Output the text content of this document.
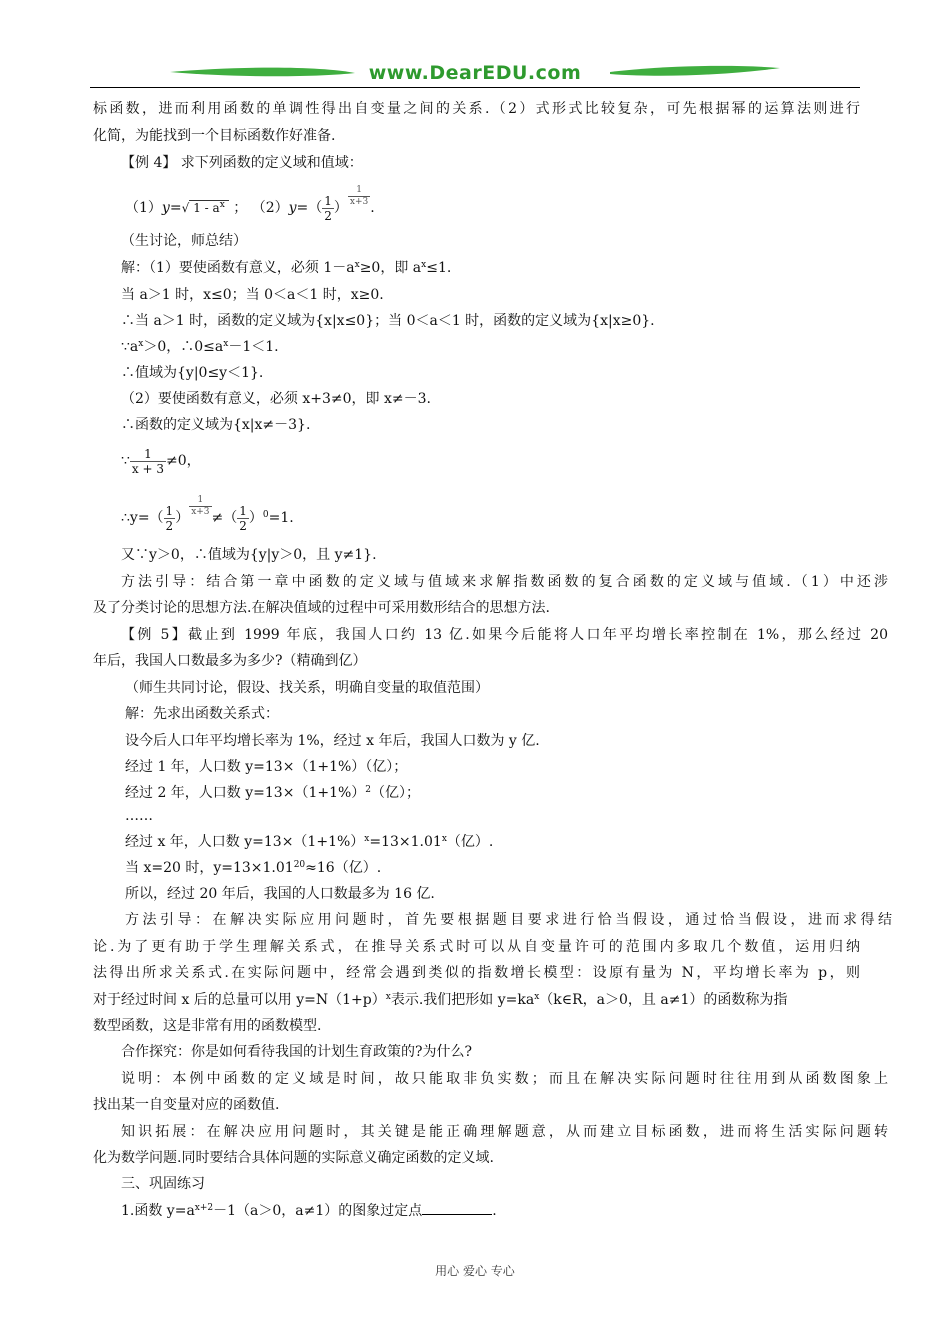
www.DearEDU.com
标函数，进而利用函数的单调性得出自变量之间的关系.（2）式形式比较复杂，可先根据幂的运算法则进行
化简，为能找到一个目标函数作好准备.
【例 4】 求下列函数的定义域和值域：
（1）y=√ $1 - a^x$ ； $(2)y=( \frac{1}{2}$ ） $\frac{1}{x+3}$ .
（生讨论，师总结）
解：（1）要使函数有意义，必须 $1-a^x\ge 0$，即 $a^x\le 1$.
当 a＞1 时，x≤0；当 0＜a＜1 时，x≥0.
∴当 a＞1 时，函数的定义域为{x|x≤0}；当 0＜a＜1 时，函数的定义域为{x|x≥0}.
$\because a^x>0$，$\therefore 0\le a^x-1<1$.
∴值域为{y|0≤y＜1}.
（2）要使函数有意义，必须 x+3≠0，即 x≠－3.
∴函数的定义域为{x|x≠－3}.
∵ $\frac{1}{x + 3} \ne 0$，
∴y=（ $\frac{1}{2}$ ） $\frac{1}{x+3}$ ≠（ $\frac{1}{2} )^0=1$.
又∵y＞0，∴值域为{y|y＞0，且 y≠1}.
方法引导：结合第一章中函数的定义域与值域来求解指数函数的复合函数的定义域与值域.（1）中还涉
及了分类讨论的思想方法.在解决值域的过程中可采用数形结合的思想方法.
【例 5】截止到 1999 年底，我国人口约 13 亿.如果今后能将人口年平均增长率控制在 1%，那么经过 20
年后，我国人口数最多为多少?（精确到亿）
（师生共同讨论，假设、找关系，明确自变量的取值范围）
解：先求出函数关系式：
设今后人口年平均增长率为 1%，经过 x 年后，我国人口数为 y 亿.
经过 1 年，人口数 y=13×（1+1%）（亿）；
经过 2 年，人口数 $y=13\times(1+1\%)^2$（亿）；
……
经过 x 年，人口数 $y=13\times(1+1\%)^x=13\times 1.01^x$（亿）.
当 x=20 时，$y=13\times 1.01^{20}\approx 16$（亿）.
所以，经过 20 年后，我国的人口数最多为 16 亿.
方法引导：在解决实际应用问题时，首先要根据题目要求进行恰当假设，通过恰当假设，进而求得结
论.为了更有助于学生理解关系式，在推导关系式时可以从自变量许可的范围内多取几个数值，运用归纳
法得出所求关系式.在实际问题中，经常会遇到类似的指数增长模型：设原有量为 N，平均增长率为 p，则
对于经过时间 x 后的总量可以用 $y=N(1+p)^x$表示.我们把形如 $y=ka^x(k\in R$，a＞0，且 a≠1）的函数称为指
数型函数，这是非常有用的函数模型.
合作探究：你是如何看待我国的计划生育政策的?为什么?
说明：本例中函数的定义域是时间，故只能取非负实数；而且在解决实际问题时往往用到从函数图象上
找出某一自变量对应的函数值.
知识拓展：在解决应用问题时，其关键是能正确理解题意，从而建立目标函数，进而将生活实际问题转
化为数学问题.同时要结合具体问题的实际意义确定函数的定义域.
三、巩固练习
1.函数 $y=a^{x+2}-1(a>0$，a≠1）的图象过定点	.
用心 爱心 专心
